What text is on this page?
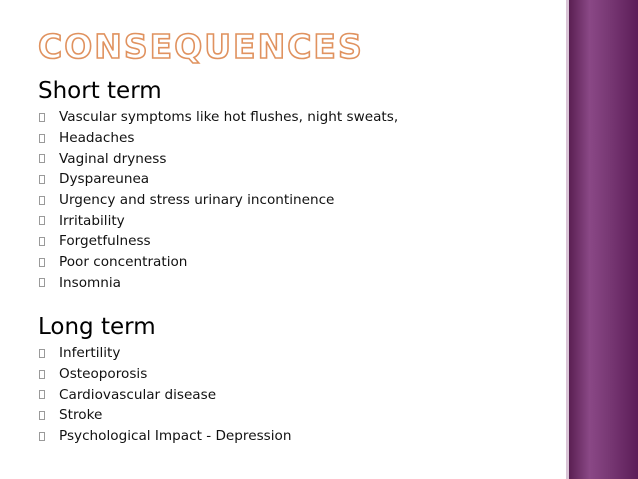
CONSEQUENCES
Short term
Vascular symptoms like hot flushes, night sweats,
Headaches
Vaginal dryness
Dyspareunea
Urgency and stress urinary incontinence
Irritability
Forgetfulness
Poor concentration
Insomnia
Long term
Infertility
Osteoporosis
Cardiovascular disease
Stroke
Psychological Impact - Depression
